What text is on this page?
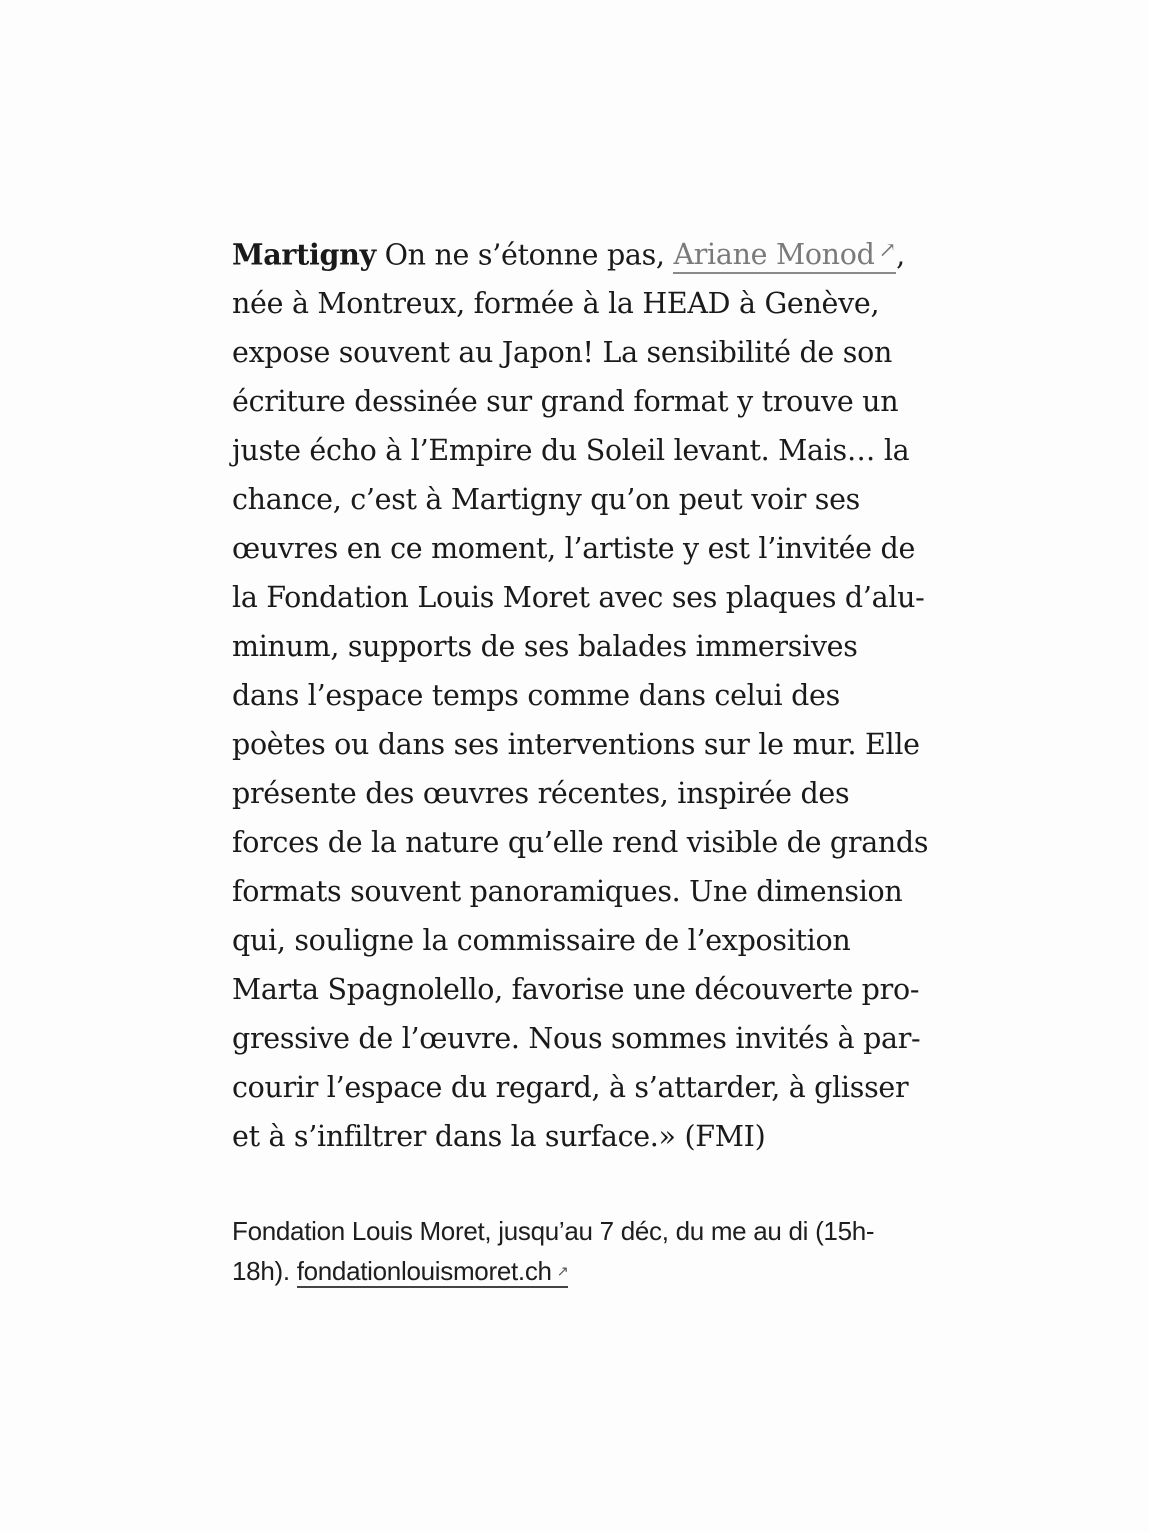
Martigny On ne s’étonne pas, Ariane Monod ↗,
née à Montreux, formée à la HEAD à Genève,
expose souvent au Japon! La sensibilité de son
écriture dessinée sur grand format y trouve un
juste écho à l’Empire du Soleil levant. Mais… la
chance, c’est à Martigny qu’on peut voir ses
œuvres en ce moment, l’artiste y est l’invitée de
la Fondation Louis Moret avec ses plaques d’alu-
minum, supports de ses balades immersives
dans l’espace temps comme dans celui des
poètes ou dans ses interventions sur le mur. Elle
présente des œuvres récentes, inspirée des
forces de la nature qu’elle rend visible de grands
formats souvent panoramiques. Une dimension
qui, souligne la commissaire de l’exposition
Marta Spagnolello, favorise une découverte pro-
gressive de l’œuvre. Nous sommes invités à par-
courir l’espace du regard, à s’attarder, à glisser
et à s’infiltrer dans la surface.» (FMI)
Fondation Louis Moret, jusqu’au 7 déc, du me au di (15h-
18h). fondationlouismoret.ch ↗
